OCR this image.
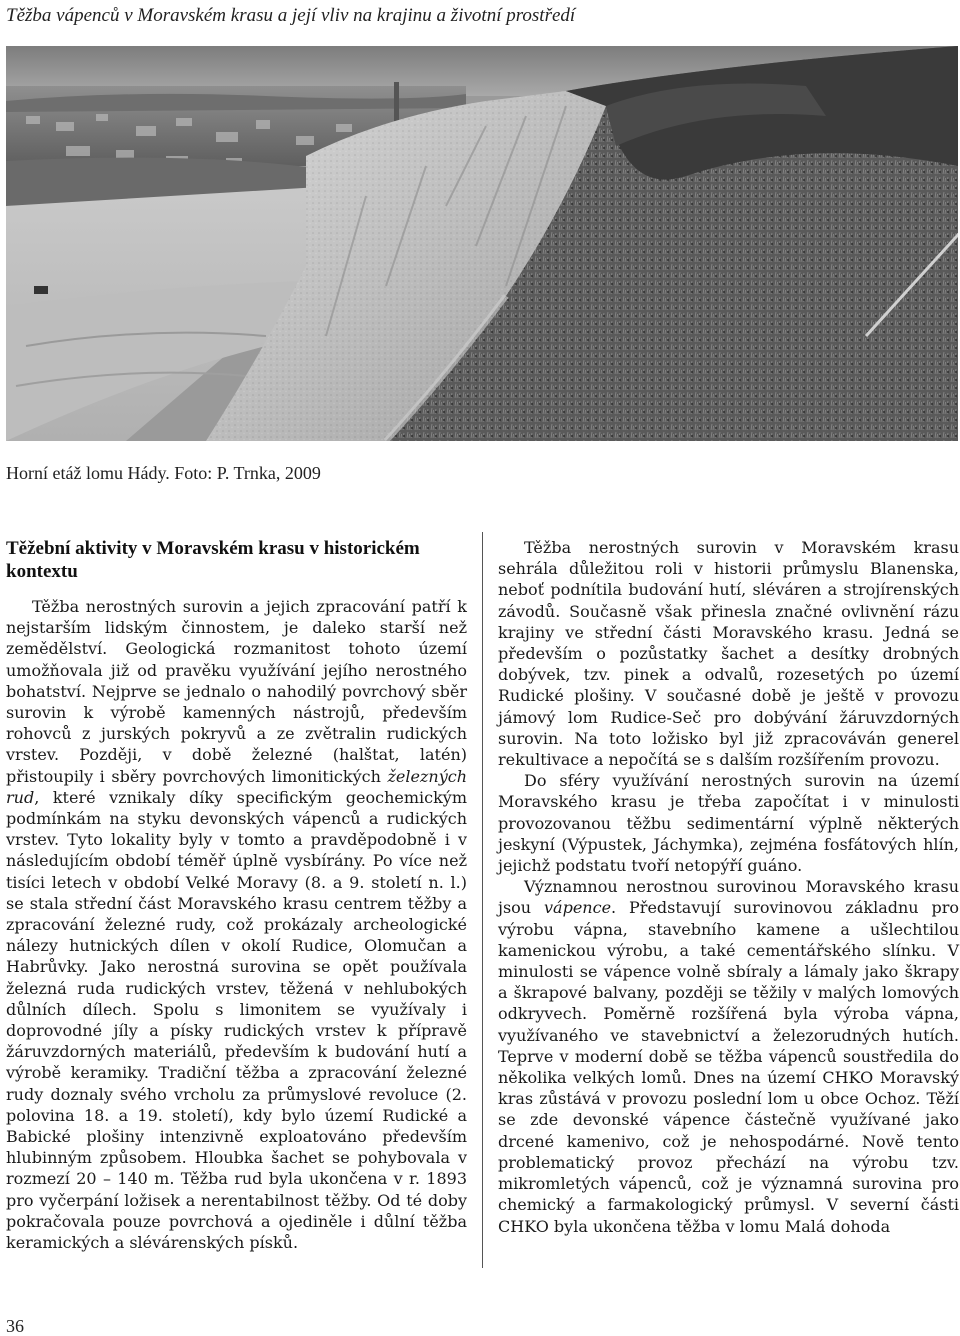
Těžba vápenců v Moravském krasu a její vliv na krajinu a životní prostředí
Horní etáž lomu Hády. Foto: P. Trnka, 2009
Těžební aktivity v Moravském krasu v historickém kontextu

Těžba nerostných surovin a jejich zpracování patří k nejstarším lidským činnostem, je daleko starší než zemědělství. Geologická rozmanitost tohoto území umožňovala již od pravěku využívání jejího nerostného bohatství. Nejprve se jednalo o nahodilý povrchový sběr surovin k výrobě kamenných nástrojů, především rohovců z jurských pokryvů a ze zvětralin rudických vrstev. Později, v době železné (halštat, latén) přistoupily i sběry povrchových limonitických železných rud, které vznikaly díky specifickým geochemickým podmínkám na styku devonských vápenců a rudických vrstev. Tyto lokality byly v tomto a pravděpodobně i v následujícím období téměř úplně vysbírány. Po více než tisíci letech v období Velké Moravy (8. a 9. století n. l.) se stala střední část Moravského krasu centrem těžby a zpracování železné rudy, což prokázaly archeologické nálezy hutnických dílen v okolí Rudice, Olomučan a Habrůvky. Jako nerostná surovina se opět používala železná ruda rudických vrstev, těžená v nehlubokých důlních dílech. Spolu s limonitem se využívaly i doprovodné jíly a písky rudických vrstev k přípravě žáruvzdorných materiálů, především k budování hutí a výrobě keramiky. Tradiční těžba a zpracování železné rudy doznaly svého vrcholu za průmyslové revoluce (2. polovina 18. a 19. století), kdy bylo území Rudické a Babické plošiny intenzivně exploatováno především hlubinným způsobem. Hloubka šachet se pohybovala v rozmezí 20 – 140 m. Těžba rud byla ukončena v r. 1893 pro vyčerpání ložisek a nerentabilnost těžby. Od té doby pokračovala pouze povrchová a ojediněle i důlní těžba keramických a slévárenských písků.

Těžba nerostných surovin v Moravském krasu sehrála důležitou roli v historii průmyslu Blanenska, neboť podnítila budování hutí, sléváren a strojírenských závodů. Současně však přinesla značné ovlivnění rázu krajiny ve střední části Moravského krasu. Jedná se především o pozůstatky šachet a desítky drobných dobývek, tzv. pinek a odvalů, rozesetých po území Rudické plošiny. V současné době je ještě v provozu jámový lom Rudice-Seč pro dobývání žáruvzdorných surovin. Na toto ložisko byl již zpracováván generel rekultivace a nepočítá se s dalším rozšířením provozu.

Do sféry využívání nerostných surovin na území Moravského krasu je třeba započítat i v minulosti provozovanou těžbu sedimentární výplně některých jeskyní (Výpustek, Jáchymka), zejména fosfátových hlín, jejichž podstatu tvoří netopýří guáno.

Významnou nerostnou surovinou Moravského krasu jsou vápence. Představují surovinovou základnu pro výrobu vápna, stavebního kamene a ušlechtilou kamenickou výrobu, a také cementářského slínku. V minulosti se vápence volně sbíraly a lámaly jako škrapy a škrapové balvany, později se těžily v malých lomových odkryvech. Poměrně rozšířená byla výroba vápna, využívaného ve stavebnictví a železorudných hutích. Teprve v moderní době se těžba vápenců soustředila do několika velkých lomů. Dnes na území CHKO Moravský kras zůstává v provozu poslední lom u obce Ochoz. Těží se zde devonské vápence částečně využívané jako drcené kamenivo, což je nehospodárné. Nově tento problematický provoz přechází na výrobu tzv. mikromletých vápenců, což je významná surovina pro chemický a farmakologický průmysl. V severní části CHKO byla ukončena těžba v lomu Malá dohoda

36
